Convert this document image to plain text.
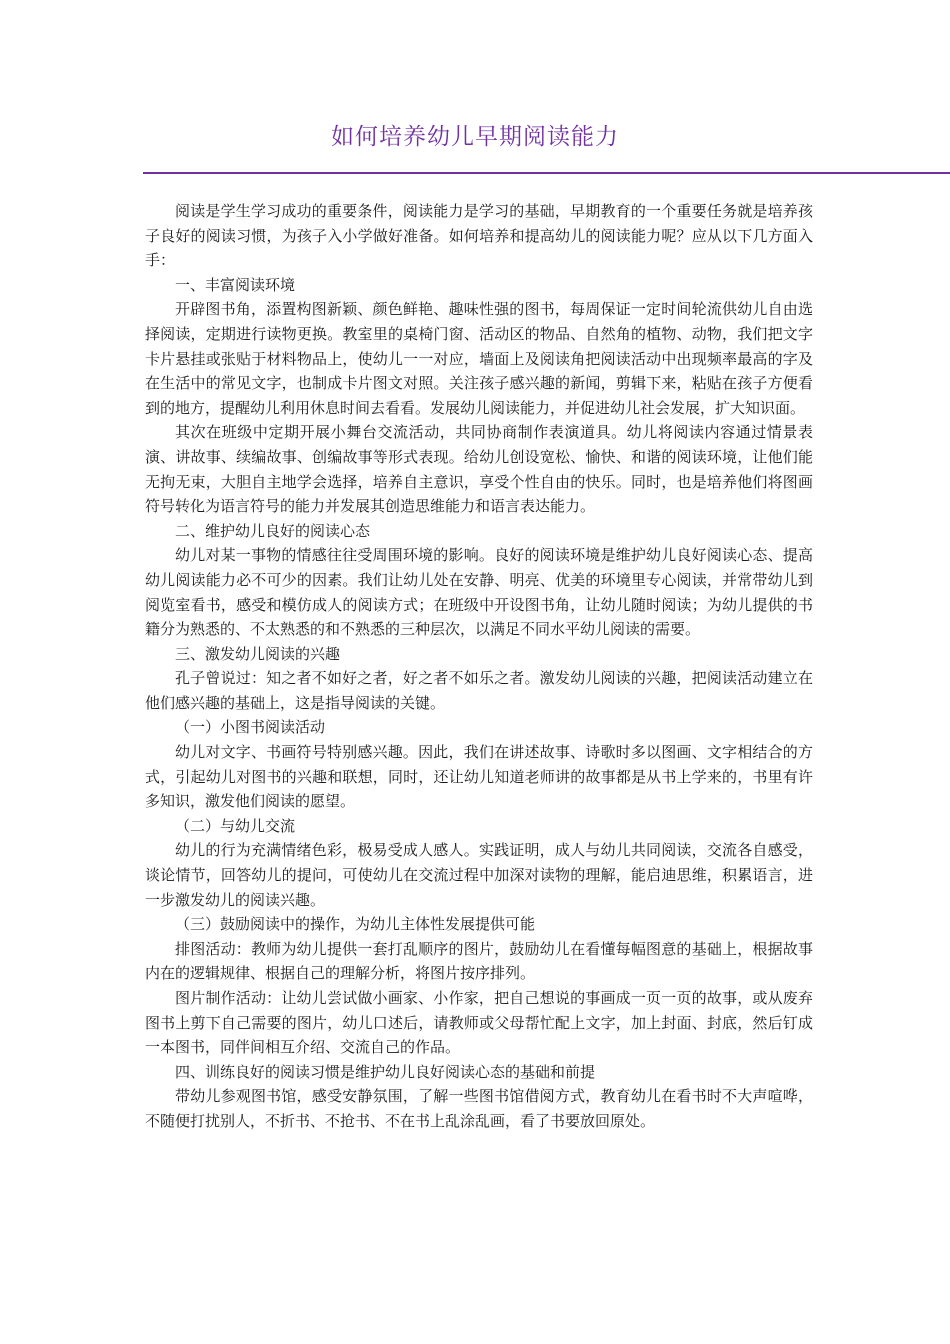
如何培养幼儿早期阅读能力

阅读是学生学习成功的重要条件，阅读能力是学习的基础，早期教育的一个重要任务就是培养孩子良好的阅读习惯，为孩子入小学做好准备。如何培养和提高幼儿的阅读能力呢？应从以下几方面入手：

一、丰富阅读环境

开辟图书角，添置构图新颖、颜色鲜艳、趣味性强的图书，每周保证一定时间轮流供幼儿自由选择阅读，定期进行读物更换。教室里的桌椅门窗、活动区的物品、自然角的植物、动物，我们把文字卡片悬挂或张贴于材料物品上，使幼儿一一对应，墙面上及阅读角把阅读活动中出现频率最高的字及在生活中的常见文字，也制成卡片图文对照。关注孩子感兴趣的新闻，剪辑下来，粘贴在孩子方便看到的地方，提醒幼儿利用休息时间去看看。发展幼儿阅读能力，并促进幼儿社会发展，扩大知识面。

其次在班级中定期开展小舞台交流活动，共同协商制作表演道具。幼儿将阅读内容通过情景表演、讲故事、续编故事、创编故事等形式表现。给幼儿创设宽松、愉快、和谐的阅读环境，让他们能无拘无束，大胆自主地学会选择，培养自主意识，享受个性自由的快乐。同时，也是培养他们将图画符号转化为语言符号的能力并发展其创造思维能力和语言表达能力。

二、维护幼儿良好的阅读心态

幼儿对某一事物的情感往往受周围环境的影响。良好的阅读环境是维护幼儿良好阅读心态、提高幼儿阅读能力必不可少的因素。我们让幼儿处在安静、明亮、优美的环境里专心阅读，并常带幼儿到阅览室看书，感受和模仿成人的阅读方式；在班级中开设图书角，让幼儿随时阅读；为幼儿提供的书籍分为熟悉的、不太熟悉的和不熟悉的三种层次，以满足不同水平幼儿阅读的需要。

三、激发幼儿阅读的兴趣

孔子曾说过：知之者不如好之者，好之者不如乐之者。激发幼儿阅读的兴趣，把阅读活动建立在他们感兴趣的基础上，这是指导阅读的关键。

（一）小图书阅读活动

幼儿对文字、书画符号特别感兴趣。因此，我们在讲述故事、诗歌时多以图画、文字相结合的方式，引起幼儿对图书的兴趣和联想，同时，还让幼儿知道老师讲的故事都是从书上学来的，书里有许多知识，激发他们阅读的愿望。

（二）与幼儿交流

幼儿的行为充满情绪色彩，极易受成人感人。实践证明，成人与幼儿共同阅读，交流各自感受，谈论情节，回答幼儿的提问，可使幼儿在交流过程中加深对读物的理解，能启迪思维，积累语言，进一步激发幼儿的阅读兴趣。

（三）鼓励阅读中的操作，为幼儿主体性发展提供可能

排图活动：教师为幼儿提供一套打乱顺序的图片，鼓励幼儿在看懂每幅图意的基础上，根据故事内在的逻辑规律、根据自己的理解分析，将图片按序排列。

图片制作活动：让幼儿尝试做小画家、小作家，把自己想说的事画成一页一页的故事，或从废弃图书上剪下自己需要的图片，幼儿口述后，请教师或父母帮忙配上文字，加上封面、封底，然后钉成一本图书，同伴间相互介绍、交流自己的作品。

四、训练良好的阅读习惯是维护幼儿良好阅读心态的基础和前提

带幼儿参观图书馆，感受安静氛围，了解一些图书馆借阅方式，教育幼儿在看书时不大声喧哗，不随便打扰别人，不折书、不抢书、不在书上乱涂乱画，看了书要放回原处。
